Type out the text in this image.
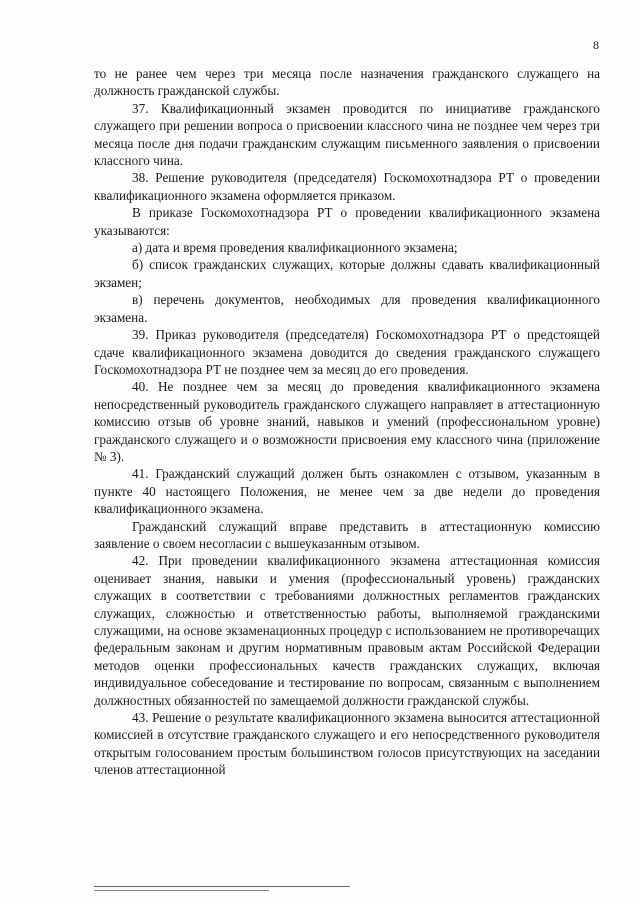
8

то не ранее чем через три месяца после назначения гражданского служащего на должность гражданской службы.

37. Квалификационный экзамен проводится по инициативе гражданского служащего при решении вопроса о присвоении классного чина не позднее чем через три месяца после дня подачи гражданским служащим письменного заявления о присвоении классного чина.

38. Решение руководителя (председателя) Госкомохотнадзора РТ о проведении квалификационного экзамена оформляется приказом.

В приказе Госкомохотнадзора РТ о проведении квалификационного экзамена указываются:

а) дата и время проведения квалификационного экзамена;

б) список гражданских служащих, которые должны сдавать квалификационный экзамен;

в) перечень документов, необходимых для проведения квалификационного экзамена.

39. Приказ руководителя (председателя) Госкомохотнадзора РТ о предстоящей сдаче квалификационного экзамена доводится до сведения гражданского служащего Госкомохотнадзора РТ не позднее чем за месяц до его проведения.

40. Не позднее чем за месяц до проведения квалификационного экзамена непосредственный руководитель гражданского служащего направляет в аттестационную комиссию отзыв об уровне знаний, навыков и умений (профессиональном уровне) гражданского служащего и о возможности присвоения ему классного чина (приложение № 3).

41. Гражданский служащий должен быть ознакомлен с отзывом, указанным в пункте 40 настоящего Положения, не менее чем за две недели до проведения квалификационного экзамена.

Гражданский служащий вправе представить в аттестационную комиссию заявление о своем несогласии с вышеуказанным отзывом.

42. При проведении квалификационного экзамена аттестационная комиссия оценивает знания, навыки и умения (профессиональный уровень) гражданских служащих в соответствии с требованиями должностных регламентов гражданских служащих, сложностью и ответственностью работы, выполняемой гражданскими служащими, на основе экзаменационных процедур с использованием не противоречащих федеральным законам и другим нормативным правовым актам Российской Федерации методов оценки профессиональных качеств гражданских служащих, включая индивидуальное собеседование и тестирование по вопросам, связанным с выполнением должностных обязанностей по замещаемой должности гражданской службы.

43. Решение о результате квалификационного экзамена выносится аттестационной комиссией в отсутствие гражданского служащего и его непосредственного руководителя открытым голосованием простым большинством голосов присутствующих на заседании членов аттестационной
